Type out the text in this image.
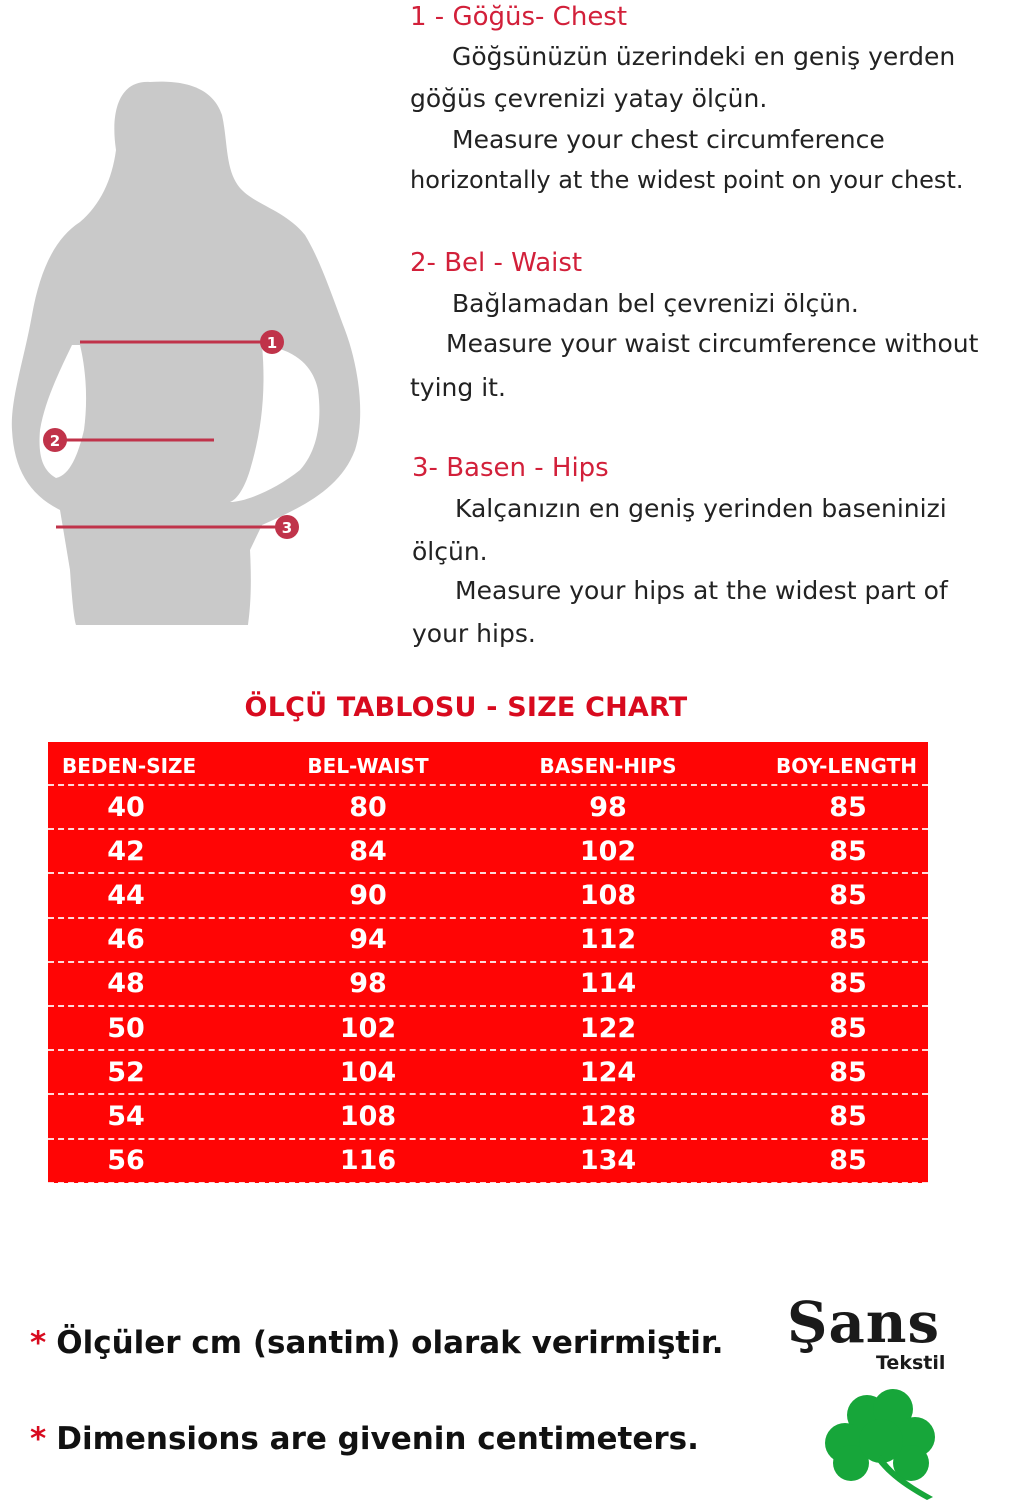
1
2
3
1 - Göğüs- Chest
Göğsünüzün üzerindeki en geniş yerden
göğüs çevrenizi yatay ölçün.
Measure your chest circumference
horizontally at the widest point on your chest.
2- Bel - Waist
Bağlamadan bel çevrenizi ölçün.
Measure your waist circumference without
tying it.
3- Basen - Hips
Kalçanızın en geniş yerinden baseninizi
ölçün.
Measure your hips at the widest part of
your hips.
ÖLÇÜ TABLOSU - SIZE CHART
BEDEN-SIZE	BEL-WAIST	BASEN-HIPS	BOY-LENGTH
40	80	98	85
42	84	102	85
44	90	108	85
46	94	112	85
48	98	114	85
50	102	122	85
52	104	124	85
54	108	128	85
56	116	134	85
* Ölçüler cm (santim) olarak verirmiştir.
* Dimensions are givenin centimeters.
Şans
Tekstil
